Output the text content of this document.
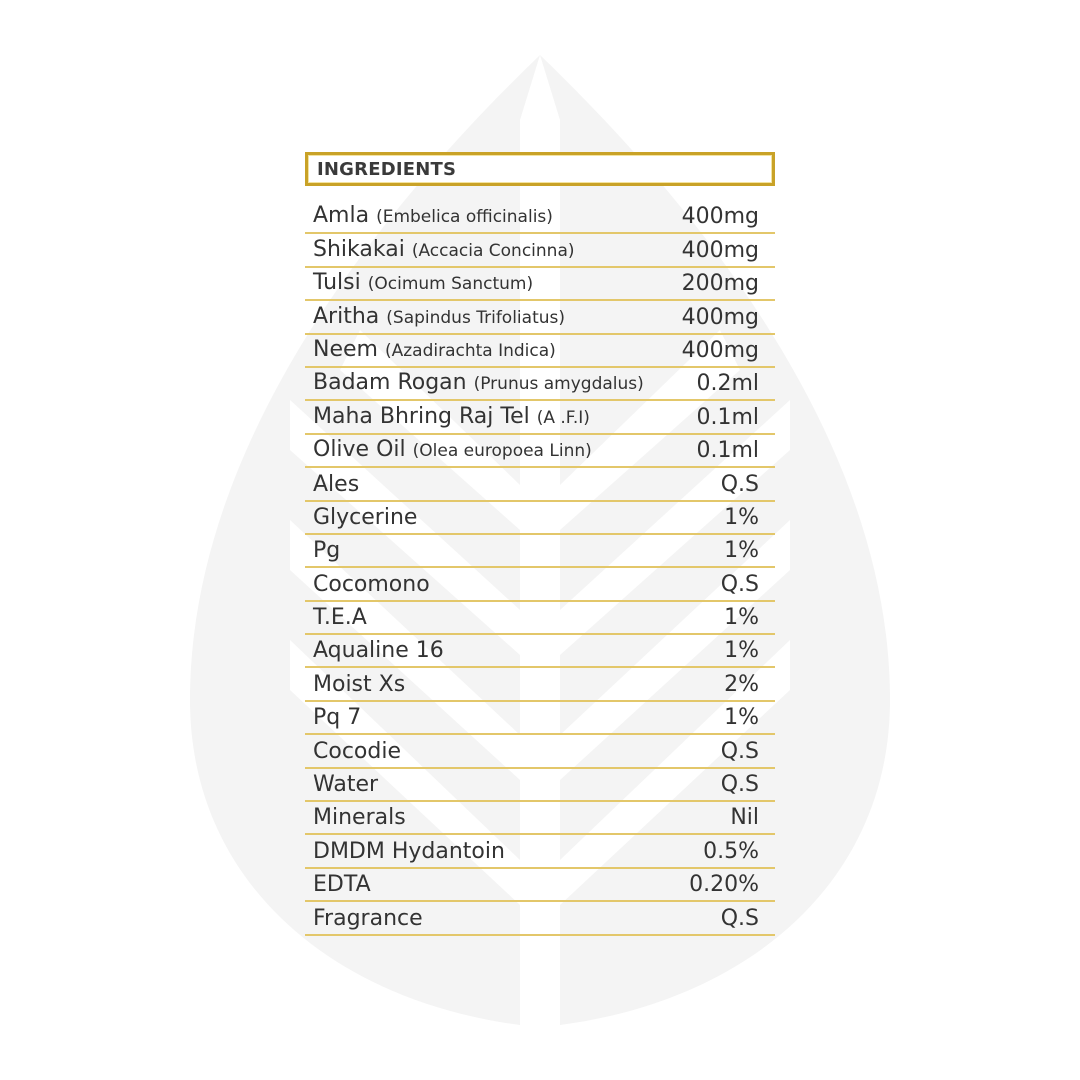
INGREDIENTS
Amla (Embelica officinalis)	400mg
Shikakai (Accacia Concinna)	400mg
Tulsi (Ocimum Sanctum)	200mg
Aritha (Sapindus Trifoliatus)	400mg
Neem (Azadirachta Indica)	400mg
Badam Rogan (Prunus amygdalus) 0.2ml
Maha Bhring Raj Tel (A .F.I)	0.1ml
Olive Oil (Olea europoea Linn)	0.1ml
Ales	Q.S
Glycerine	1%
Pg	1%
Cocomono	Q.S
T.E.A	1%
Aqualine 16	1%
Moist Xs	2%
Pq 7	1%
Cocodie	Q.S
Water	Q.S
Minerals	Nil
DMDM Hydantoin	0.5%
EDTA	0.20%
Fragrance	Q.S
